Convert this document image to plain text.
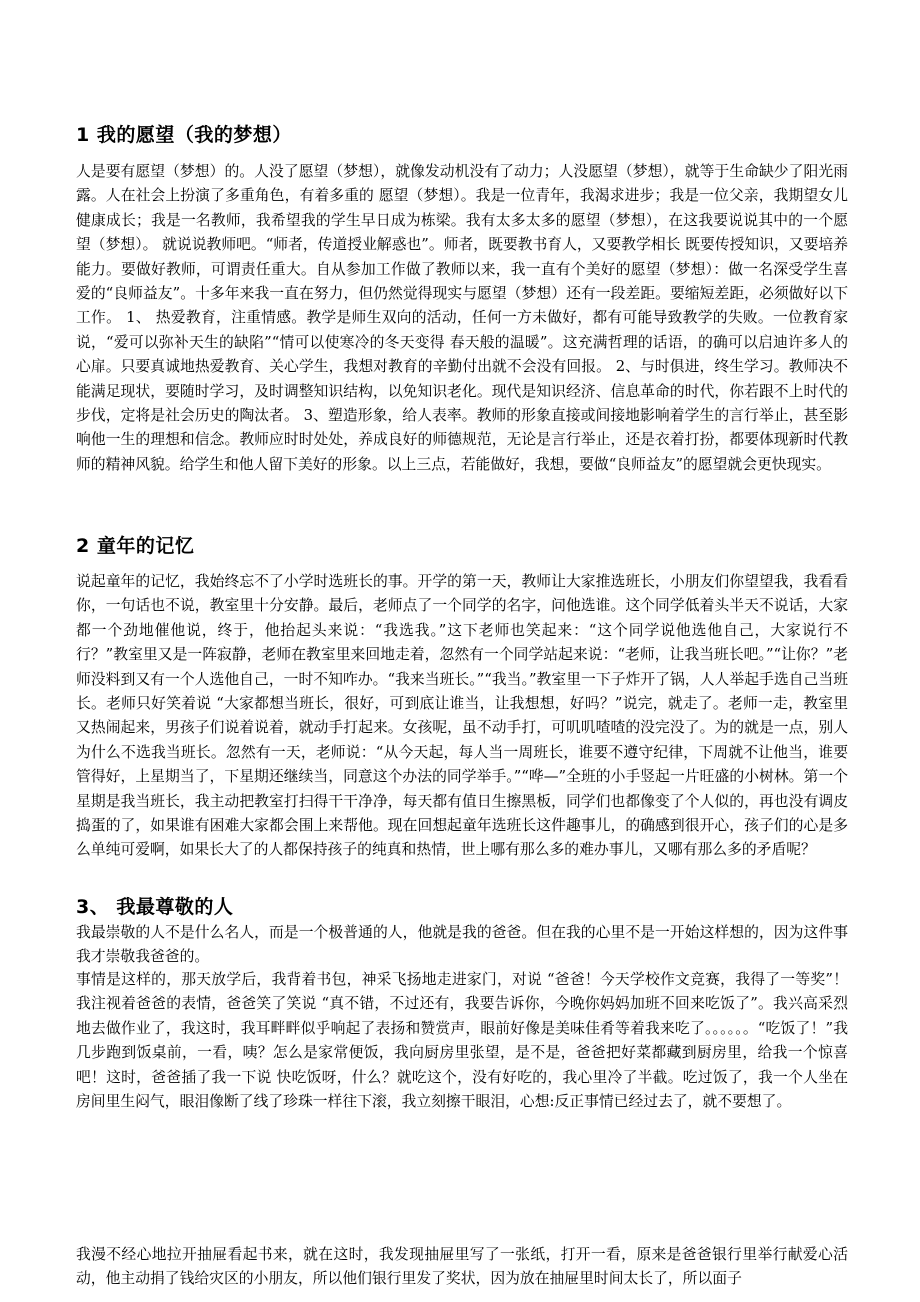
1 我的愿望（我的梦想）
人是要有愿望（梦想）的。人没了愿望（梦想），就像发动机没有了动力；人没愿望（梦想），就等于生命缺少了阳光雨露。人在社会上扮演了多重角色，有着多重的 愿望（梦想）。我是一位青年，我渴求进步；我是一位父亲，我期望女儿健康成长；我是一名教师，我希望我的学生早日成为栋梁。我有太多太多的愿望（梦想），在这我要说说其中的一个愿望（梦想）。 就说说教师吧。“师者，传道授业解惑也”。师者，既要教书育人，又要教学相长 既要传授知识，又要培养能力。要做好教师，可谓责任重大。自从参加工作做了教师以来，我一直有个美好的愿望（梦想）：做一名深受学生喜爱的“良师益友”。十多年来我一直在努力，但仍然觉得现实与愿望（梦想）还有一段差距。要缩短差距，必须做好以下工作。 1、 热爱教育，注重情感。教学是师生双向的活动，任何一方未做好，都有可能导致教学的失败。一位教育家说，“爱可以弥补天生的缺陷”“情可以使寒冷的冬天变得 春天般的温暖”。这充满哲理的话语，的确可以启迪许多人的心扉。只要真诚地热爱教育、关心学生，我想对教育的辛勤付出就不会没有回报。 2、与时俱进，终生学习。教师决不能满足现状，要随时学习，及时调整知识结构，以免知识老化。现代是知识经济、信息革命的时代，你若跟不上时代的步伐，定将是社会历史的陶汰者。 3、塑造形象，给人表率。教师的形象直接或间接地影响着学生的言行举止，甚至影响他一生的理想和信念。教师应时时处处，养成良好的师德规范，无论是言行举止，还是衣着打扮，都要体现新时代教师的精神风貌。给学生和他人留下美好的形象。以上三点，若能做好，我想，要做“良师益友”的愿望就会更快现实。
2 童年的记忆
说起童年的记忆，我始终忘不了小学时选班长的事。开学的第一天，教师让大家推选班长，小朋友们你望望我，我看看你，一句话也不说，教室里十分安静。最后，老师点了一个同学的名字，问他选谁。这个同学低着头半天不说话，大家都一个劲地催他说，终于，他抬起头来说：“我选我。”这下老师也笑起来：“这个同学说他选他自己，大家说行不行？”教室里又是一阵寂静，老师在教室里来回地走着，忽然有一个同学站起来说：“老师，让我当班长吧。”“让你？”老师没料到又有一个人选他自己，一时不知咋办。“我来当班长。”“我当。”教室里一下子炸开了锅，人人举起手选自己当班长。老师只好笑着说 “大家都想当班长，很好，可到底让谁当，让我想想，好吗？”说完，就走了。老师一走，教室里又热闹起来，男孩子们说着说着，就动手打起来。女孩呢，虽不动手打，可叽叽喳喳的没完没了。为的就是一点，别人为什么不选我当班长。忽然有一天，老师说：“从今天起，每人当一周班长，谁要不遵守纪律，下周就不让他当，谁要管得好，上星期当了，下星期还继续当，同意这个办法的同学举手。”“哗—”全班的小手竖起一片旺盛的小树林。第一个星期是我当班长，我主动把教室打扫得干干净净，每天都有值日生擦黑板，同学们也都像变了个人似的，再也没有调皮捣蛋的了，如果谁有困难大家都会围上来帮他。现在回想起童年选班长这件趣事儿，的确感到很开心，孩子们的心是多么单纯可爱啊，如果长大了的人都保持孩子的纯真和热情，世上哪有那么多的难办事儿，又哪有那么多的矛盾呢？
3、 我最尊敬的人
我最崇敬的人不是什么名人，而是一个极普通的人，他就是我的爸爸。但在我的心里不是一开始这样想的，因为这件事我才崇敬我爸爸的。
事情是这样的，那天放学后，我背着书包，神采飞扬地走进家门，对说 “爸爸！今天学校作文竞赛，我得了一等奖”！我注视着爸爸的表情，爸爸笑了笑说 “真不错，不过还有，我要告诉你，今晚你妈妈加班不回来吃饭了”。我兴高采烈地去做作业了，我这时，我耳畔畔似乎响起了表扬和赞赏声，眼前好像是美味佳肴等着我来吃了。。。。。。“吃饭了！”我几步跑到饭桌前，一看，咦？怎么是家常便饭，我向厨房里张望，是不是，爸爸把好菜都藏到厨房里，给我一个惊喜吧！这时，爸爸插了我一下说 快吃饭呀，什么？就吃这个，没有好吃的，我心里冷了半截。吃过饭了，我一个人坐在房间里生闷气，眼泪像断了线了珍珠一样往下滚，我立刻擦干眼泪，心想:反正事情已经过去了，就不要想了。
我漫不经心地拉开抽屉看起书来，就在这时，我发现抽屉里写了一张纸，打开一看，原来是爸爸银行里举行献爱心活动，他主动捐了钱给灾区的小朋友，所以他们银行里发了奖状，因为放在抽屉里时间太长了，所以面子
